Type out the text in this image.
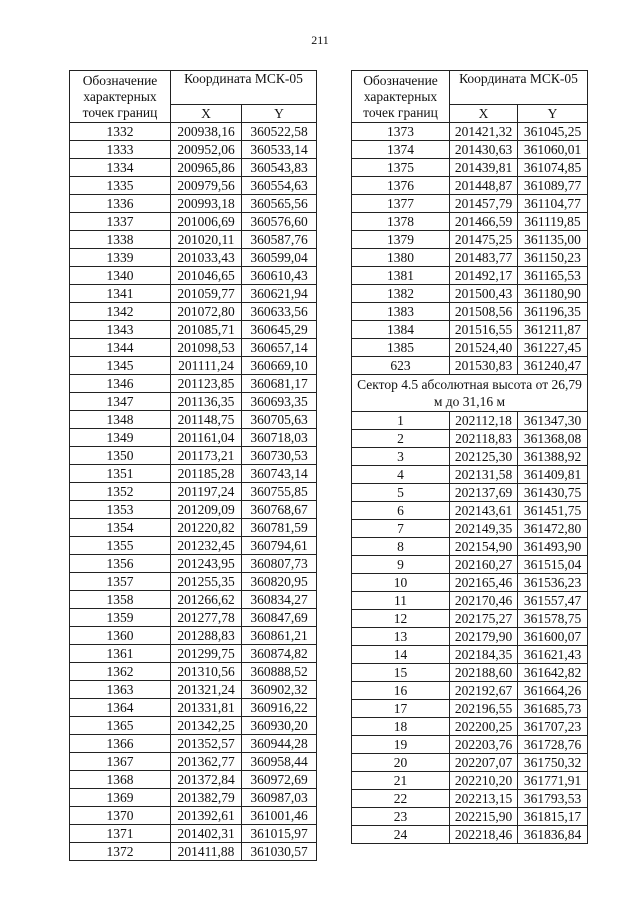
211
Обозначение характерных точек границ	Координата МСК-05	
	X	Y
1332	200938,16	360522,58
1333	200952,06	360533,14
1334	200965,86	360543,83
1335	200979,56	360554,63
1336	200993,18	360565,56
1337	201006,69	360576,60
1338	201020,11	360587,76
1339	201033,43	360599,04
1340	201046,65	360610,43
1341	201059,77	360621,94
1342	201072,80	360633,56
1343	201085,71	360645,29
1344	201098,53	360657,14
1345	201111,24	360669,10
1346	201123,85	360681,17
1347	201136,35	360693,35
1348	201148,75	360705,63
1349	201161,04	360718,03
1350	201173,21	360730,53
1351	201185,28	360743,14
1352	201197,24	360755,85
1353	201209,09	360768,67
1354	201220,82	360781,59
1355	201232,45	360794,61
1356	201243,95	360807,73
1357	201255,35	360820,95
1358	201266,62	360834,27
1359	201277,78	360847,69
1360	201288,83	360861,21
1361	201299,75	360874,82
1362	201310,56	360888,52
1363	201321,24	360902,32
1364	201331,81	360916,22
1365	201342,25	360930,20
1366	201352,57	360944,28
1367	201362,77	360958,44
1368	201372,84	360972,69
1369	201382,79	360987,03
1370	201392,61	361001,46
1371	201402,31	361015,97
1372	201411,88	361030,57
Обозначение характерных точек границ	Координата МСК-05	
	X	Y
1373	201421,32	361045,25
1374	201430,63	361060,01
1375	201439,81	361074,85
1376	201448,87	361089,77
1377	201457,79	361104,77
1378	201466,59	361119,85
1379	201475,25	361135,00
1380	201483,77	361150,23
1381	201492,17	361165,53
1382	201500,43	361180,90
1383	201508,56	361196,35
1384	201516,55	361211,87
1385	201524,40	361227,45
623	201530,83	361240,47
Сектор 4.5 абсолютная высота от 26,79 м до 31,16 м		
1	202112,18	361347,30
2	202118,83	361368,08
3	202125,30	361388,92
4	202131,58	361409,81
5	202137,69	361430,75
6	202143,61	361451,75
7	202149,35	361472,80
8	202154,90	361493,90
9	202160,27	361515,04
10	202165,46	361536,23
11	202170,46	361557,47
12	202175,27	361578,75
13	202179,90	361600,07
14	202184,35	361621,43
15	202188,60	361642,82
16	202192,67	361664,26
17	202196,55	361685,73
18	202200,25	361707,23
19	202203,76	361728,76
20	202207,07	361750,32
21	202210,20	361771,91
22	202213,15	361793,53
23	202215,90	361815,17
24	202218,46	361836,84
